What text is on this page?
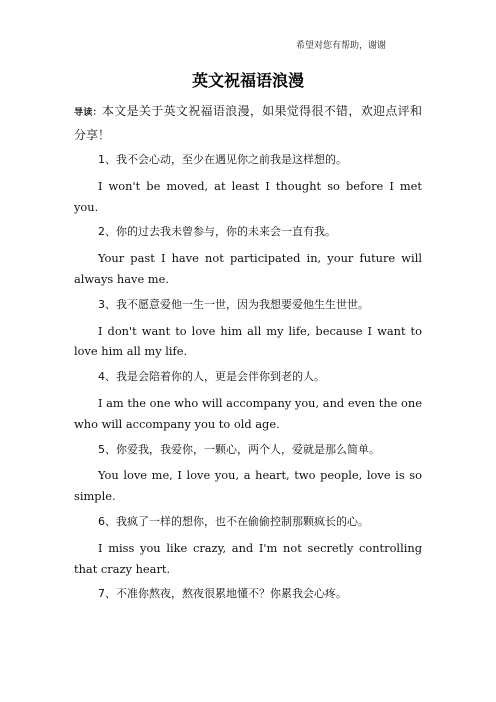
希望对您有帮助，谢谢
英文祝福语浪漫

导读：本文是关于英文祝福语浪漫，如果觉得很不错，欢迎点评和分享！

1、我不会心动，至少在遇见你之前我是这样想的。

I won't be moved, at least I thought so before I met you.

2、你的过去我未曾参与，你的未来会一直有我。

Your past I have not participated in, your future will always have me.

3、我不愿意爱他一生一世，因为我想要爱他生生世世。

I don't want to love him all my life, because I want to love him all my life.

4、我是会陪着你的人，更是会伴你到老的人。

I am the one who will accompany you, and even the one who will accompany you to old age.

5、你爱我，我爱你，一颗心，两个人，爱就是那么简单。

You love me, I love you, a heart, two people, love is so simple.

6、我疯了一样的想你，也不在偷偷控制那颗疯长的心。

I miss you like crazy, and I'm not secretly controlling that crazy heart.

7、不准你熬夜，熬夜很累地懂不？你累我会心疼。
